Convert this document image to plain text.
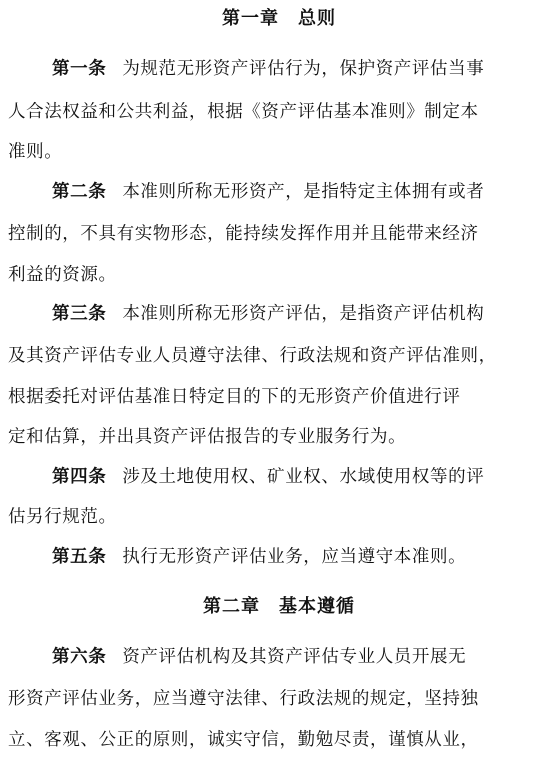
第一章　总则
第一条 为规范无形资产评估行为，保护资产评估当事
人合法权益和公共利益，根据《资产评估基本准则》制定本
准则。
第二条 本准则所称无形资产，是指特定主体拥有或者
控制的，不具有实物形态，能持续发挥作用并且能带来经济
利益的资源。
第三条 本准则所称无形资产评估，是指资产评估机构
及其资产评估专业人员遵守法律、行政法规和资产评估准则，
根据委托对评估基准日特定目的下的无形资产价值进行评
定和估算，并出具资产评估报告的专业服务行为。
第四条 涉及土地使用权、矿业权、水域使用权等的评
估另行规范。
第五条 执行无形资产评估业务，应当遵守本准则。
第二章　基本遵循
第六条 资产评估机构及其资产评估专业人员开展无
形资产评估业务，应当遵守法律、行政法规的规定，坚持独
立、客观、公正的原则，诚实守信，勤勉尽责，谨慎从业，
